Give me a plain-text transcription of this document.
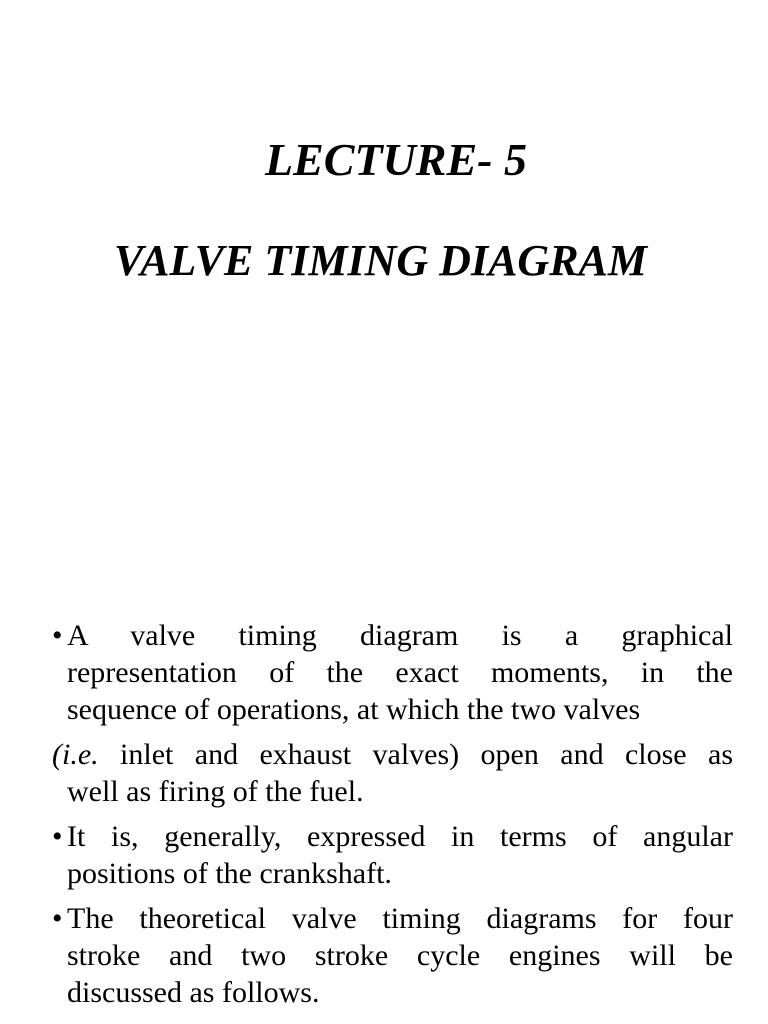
LECTURE- 5
VALVE TIMING DIAGRAM
• A valve timing diagram is a graphical
representation of the exact moments, in the
sequence of operations, at which the two valves
(i.e. inlet and exhaust valves) open and close as
well as firing of the fuel.
• It is, generally, expressed in terms of angular
positions of the crankshaft.
• The theoretical valve timing diagrams for four
stroke and two stroke cycle engines will be
discussed as follows.
